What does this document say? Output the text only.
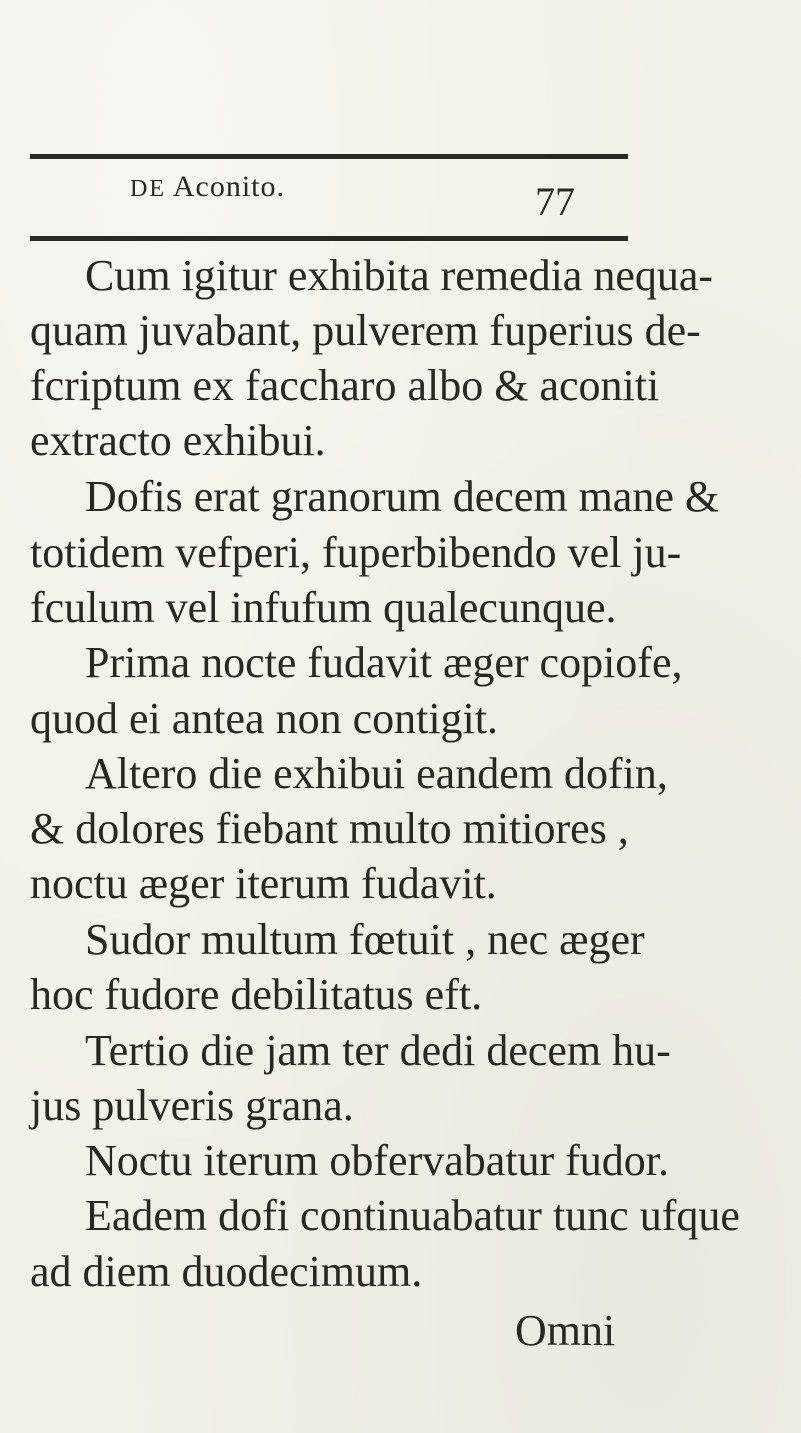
DE Aconito.	77
Cum igitur exhibita remedia nequa-
quam juvabant, pulverem fuperius de-
fcriptum ex faccharo albo & aconiti
extracto exhibui.
Dofis erat granorum decem mane &
totidem vefperi, fuperbibendo vel ju-
fculum vel infufum qualecunque.
Prima nocte fudavit æger copiofe,
quod ei antea non contigit.
Altero die exhibui eandem dofin,
& dolores fiebant multo mitiores ,
noctu æger iterum fudavit.
Sudor multum fœtuit , nec æger
hoc fudore debilitatus eft.
Tertio die jam ter dedi decem hu-
jus pulveris grana.
Noctu iterum obfervabatur fudor.
Eadem dofi continuabatur tunc ufque
ad diem duodecimum.
Omni
